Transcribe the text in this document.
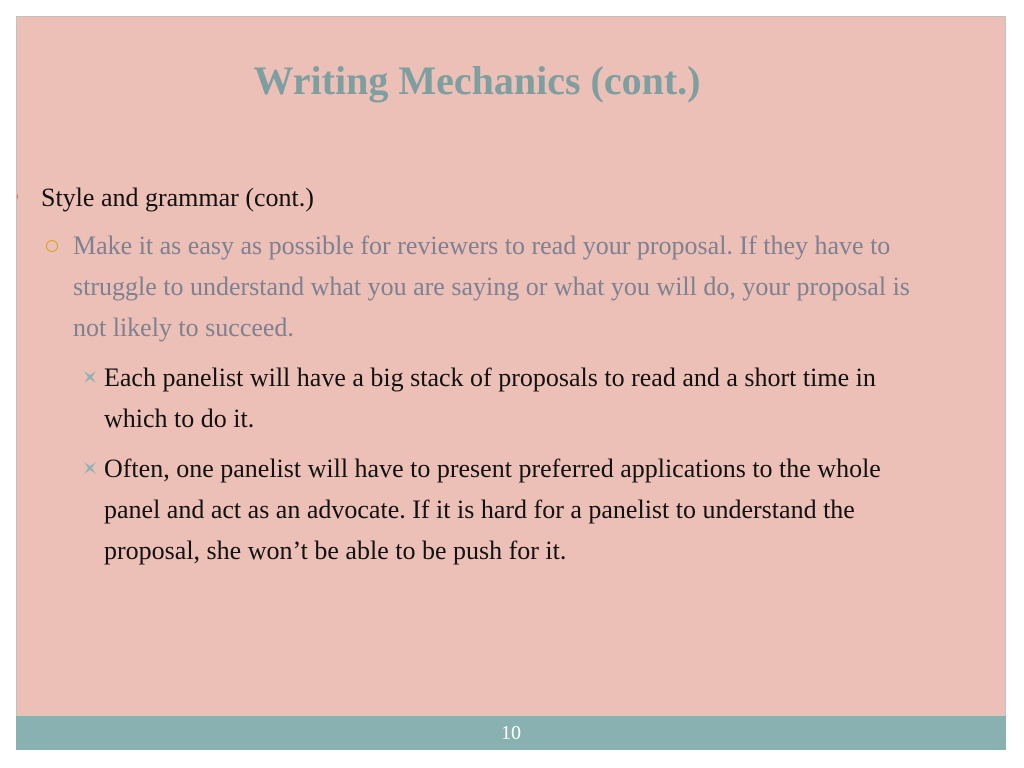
Writing Mechanics (cont.)
Style and grammar (cont.)
Make it as easy as possible for reviewers to read your proposal. If they have to struggle to understand what you are saying or what you will do, your proposal is not likely to succeed.
Each panelist will have a big stack of proposals to read and a short time in which to do it.
Often, one panelist will have to present preferred applications to the whole panel and act as an advocate. If it is hard for a panelist to understand the proposal, she won’t be able to be push for it.
10
